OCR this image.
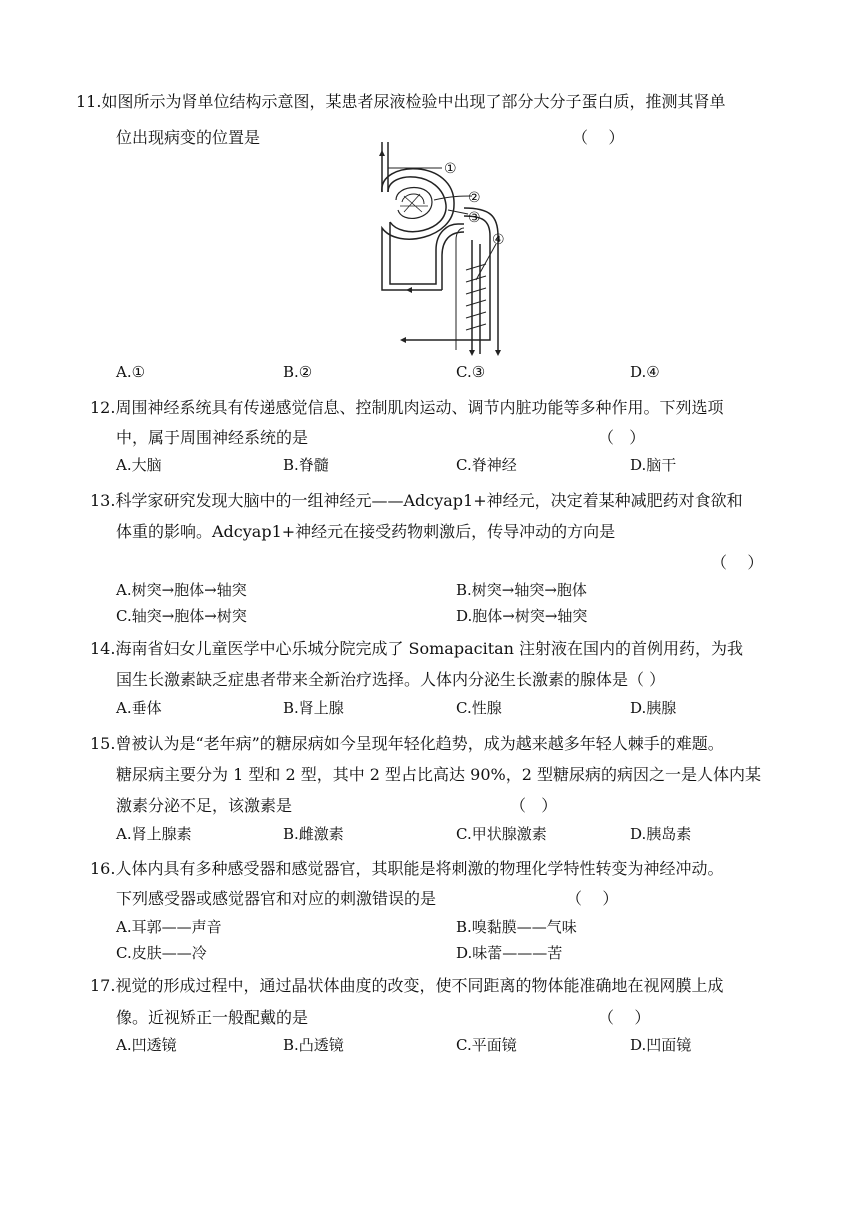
11.如图所示为肾单位结构示意图，某患者尿液检验中出现了部分大分子蛋白质，推测其肾单
位出现病变的位置是	（    ）
①
②
③
④
A.①	B.②	C.③	D.④
12.周围神经系统具有传递感觉信息、控制肌肉运动、调节内脏功能等多种作用。下列选项
中，属于周围神经系统的是	（   ）
A.大脑	B.脊髓	C.脊神经	D.脑干
13.科学家研究发现大脑中的一组神经元——Adcyap1+神经元，决定着某种减肥药对食欲和
体重的影响。Adcyap1+神经元在接受药物刺激后，传导冲动的方向是
（    ）
A.树突→胞体→轴突	B.树突→轴突→胞体
C.轴突→胞体→树突	D.胞体→树突→轴突
14.海南省妇女儿童医学中心乐城分院完成了 Somapacitan 注射液在国内的首例用药，为我
国生长激素缺乏症患者带来全新治疗选择。人体内分泌生长激素的腺体是（ ）
A.垂体	B.肾上腺	C.性腺	D.胰腺
15.曾被认为是“老年病”的糖尿病如今呈现年轻化趋势，成为越来越多年轻人棘手的难题。
糖尿病主要分为 1 型和 2 型，其中 2 型占比高达 90%，2 型糖尿病的病因之一是人体内某
激素分泌不足，该激素是	（   ）
A.肾上腺素	B.雌激素	C.甲状腺激素	D.胰岛素
16.人体内具有多种感受器和感觉器官，其职能是将刺激的物理化学特性转变为神经冲动。
下列感受器或感觉器官和对应的刺激错误的是	（    ）
A.耳郭——声音	B.嗅黏膜——气味
C.皮肤——冷	D.味蕾———苦
17.视觉的形成过程中，通过晶状体曲度的改变，使不同距离的物体能准确地在视网膜上成
像。近视矫正一般配戴的是	（    ）
A.凹透镜	B.凸透镜	C.平面镜	D.凹面镜
